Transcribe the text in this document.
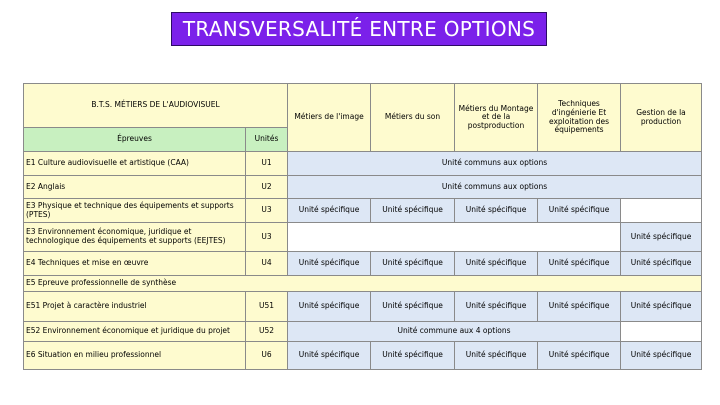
TRANSVERSALITÉ ENTRE OPTIONS
B.T.S. MÉTIERS DE L'AUDIOVISUEL		Métiers de l'image	Métiers du son	Métiers du Montage et de la postproduction	Techniques d'ingénierie Et exploitation des équipements	Gestion de la production
Épreuves	Unités					
E1 Culture audiovisuelle et artistique (CAA)	U1	Unité communs aux options				
E2 Anglais	U2	Unité communs aux options				
E3 Physique et technique des équipements et supports (PTES)	U3	Unité spécifique	Unité spécifique	Unité spécifique	Unité spécifique	
E3 Environnement économique, juridique et technologique des équipements et supports (EEJTES)	U3					Unité spécifique
E4 Techniques et mise en œuvre	U4	Unité spécifique	Unité spécifique	Unité spécifique	Unité spécifique	Unité spécifique
E5 Epreuve professionnelle de synthèse						
E51 Projet à caractère industriel	U51	Unité spécifique	Unité spécifique	Unité spécifique	Unité spécifique	Unité spécifique
E52 Environnement économique et juridique du projet	U52	Unité commune aux 4 options				
E6 Situation en milieu professionnel	U6	Unité spécifique	Unité spécifique	Unité spécifique	Unité spécifique	Unité spécifique
